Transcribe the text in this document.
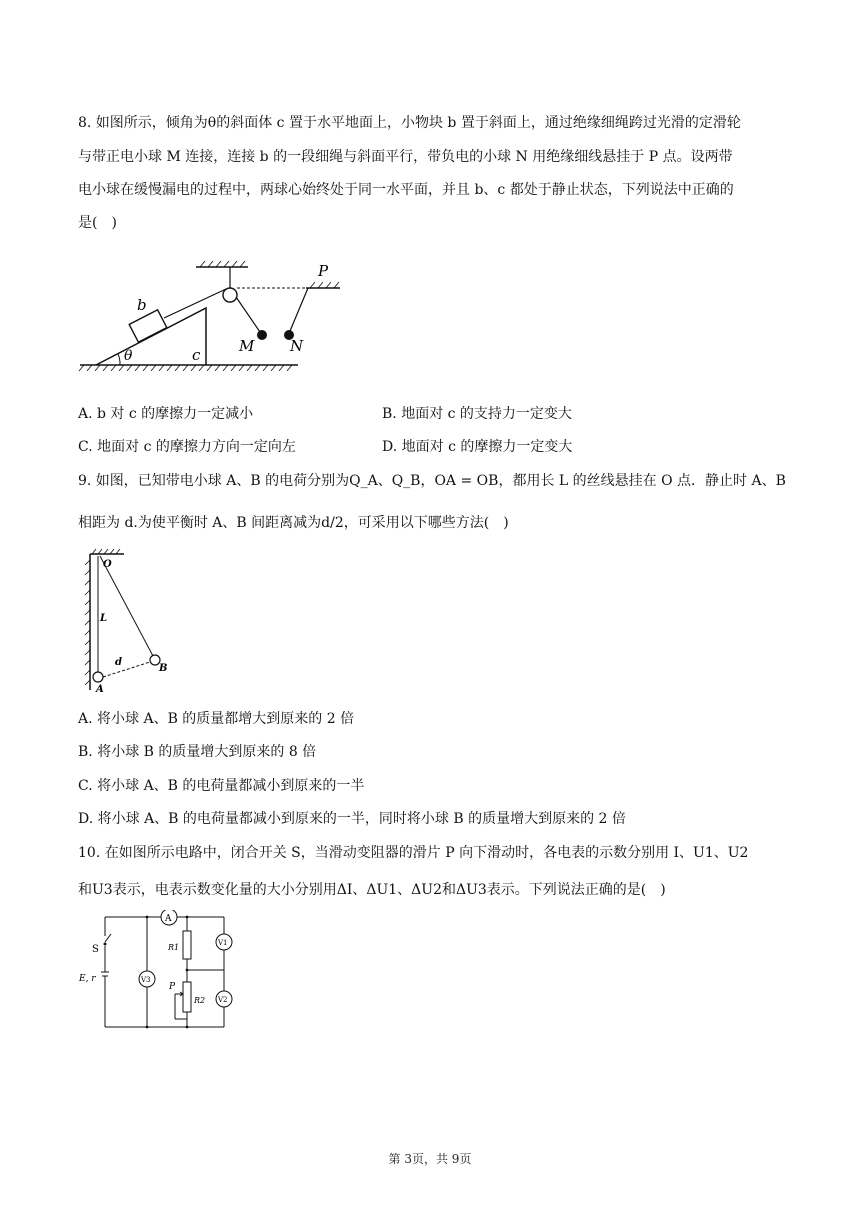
8. 如图所示，倾角为θ的斜面体 c 置于水平地面上，小物块 b 置于斜面上，通过绝缘细绳跨过光滑的定滑轮
与带正电小球 M 连接，连接 b 的一段细绳与斜面平行，带负电的小球 N 用绝缘细线悬挂于 P 点。设两带
电小球在缓慢漏电的过程中，两球心始终处于同一水平面，并且 b、c 都处于静止状态，下列说法中正确的
是(　)
b
θ	c
P
M N
A. b 对 c 的摩擦力一定减小	B. 地面对 c 的支持力一定变大
C. 地面对 c 的摩擦力方向一定向左	D. 地面对 c 的摩擦力一定变大
9. 如图，已知带电小球 A、B 的电荷分别为Q_A、Q_B，OA = OB，都用长 L 的丝线悬挂在 O 点．静止时 A、B
相距为 d.为使平衡时 A、B 间距离减为d/2，可采用以下哪些方法(　)
O
L
d
A
B
A. 将小球 A、B 的质量都增大到原来的 2 倍
B. 将小球 B 的质量增大到原来的 8 倍
C. 将小球 A、B 的电荷量都减小到原来的一半
D. 将小球 A、B 的电荷量都减小到原来的一半，同时将小球 B 的质量增大到原来的 2 倍
10. 在如图所示电路中，闭合开关 S，当滑动变阻器的滑片 P 向下滑动时，各电表的示数分别用 I、U1、U2
和U3表示，电表示数变化量的大小分别用ΔI、ΔU1、ΔU2和ΔU3表示。下列说法正确的是(　)
S
E, r
A
R1
R2
P
V1
V2
V3
第 3页，共 9页
